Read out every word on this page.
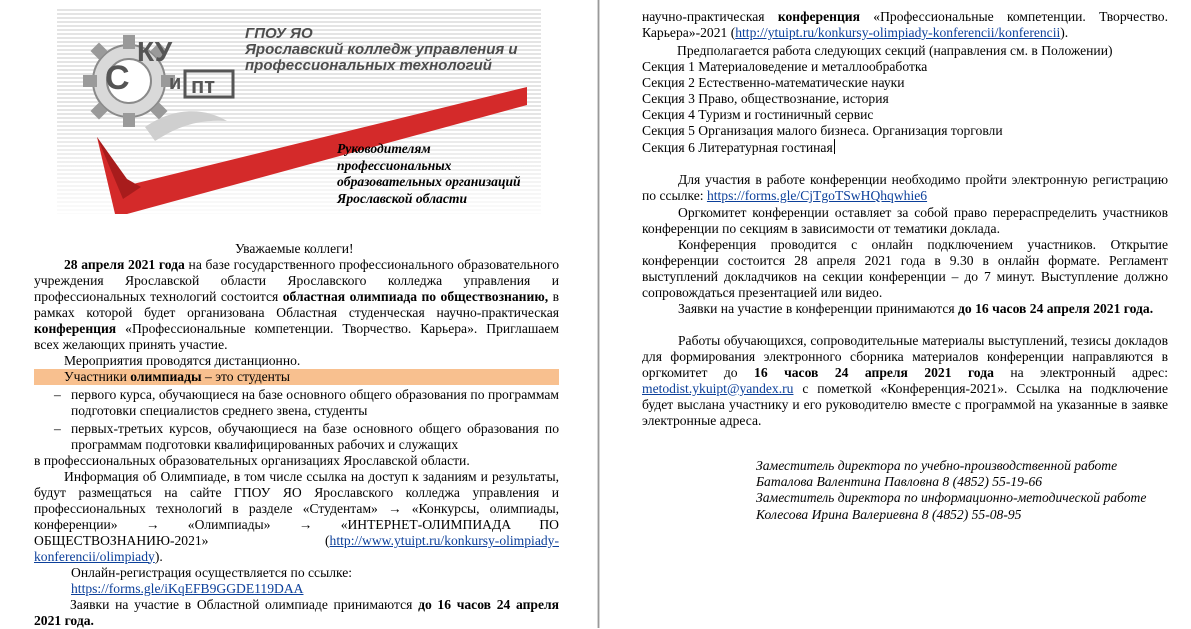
С
КУ
и пт
ГПОУ ЯО
Ярославский колледж управления и
профессиональных технологий
Руководителям
профессиональных
образовательных организаций
Ярославской области
Уважаемые коллеги!
28 апреля 2021 года на базе государственного профессионального образовательного учреждения Ярославской области Ярославского колледжа управления и профессиональных технологий состоится областная олимпиада по обществознанию, в рамках которой будет организована Областная студенческая научно-практическая конференция «Профессиональные компетенции. Творчество. Карьера». Приглашаем всех желающих принять участие.
Мероприятия проводятся дистанционно.
Участники олимпиады – это студенты
– первого курса, обучающиеся на базе основного общего образования по программам подготовки специалистов среднего звена, студенты
– первых-третьих курсов, обучающиеся на базе основного общего образования по программам подготовки квалифицированных рабочих и служащих
в профессиональных образовательных организациях Ярославской области.
Информация об Олимпиаде, в том числе ссылка на доступ к заданиям и результаты, будут размещаться на сайте ГПОУ ЯО Ярославского колледжа управления и профессиональных технологий в разделе «Студентам» → «Конкурсы, олимпиады, конференции» → «Олимпиады» → «ИНТЕРНЕТ-ОЛИМПИАДА ПО ОБЩЕСТВОЗНАНИЮ-2021» (http://www.ytuipt.ru/konkursy-olimpiady-konferencii/olimpiady).
Онлайн-регистрация осуществляется по ссылке:
https://forms.gle/iKqEFB9GGDE119DAA
Заявки на участие в Областной олимпиаде принимаются до 16 часов 24 апреля 2021 года.
научно-практическая конференция «Профессиональные компетенции. Творчество. Карьера»-2021 (http://ytuipt.ru/konkursy-olimpiady-konferencii/konferencii).
Предполагается работа следующих секций (направления см. в Положении)
Секция 1 Материаловедение и металлообработка
Секция 2 Естественно-математические науки
Секция 3 Право, обществознание, история
Секция 4 Туризм и гостиничный сервис
Секция 5 Организация малого бизнеса. Организация торговли
Секция 6 Литературная гостиная
Для участия в работе конференции необходимо пройти электронную регистрацию по ссылке: https://forms.gle/CjTgoTSwHQhqwhie6
Оргкомитет конференции оставляет за собой право перераспределить участников конференции по секциям в зависимости от тематики доклада.
Конференция проводится с онлайн подключением участников. Открытие конференции состоится 28 апреля 2021 года в 9.30 в онлайн формате. Регламент выступлений докладчиков на секции конференции – до 7 минут. Выступление должно сопровождаться презентацией или видео.
Заявки на участие в конференции принимаются до 16 часов 24 апреля 2021 года.
Работы обучающихся, сопроводительные материалы выступлений, тезисы докладов для формирования электронного сборника материалов конференции направляются в оргкомитет до 16 часов 24 апреля 2021 года на электронный адрес: metodist.ykuipt@yandex.ru с пометкой «Конференция-2021». Ссылка на подключение будет выслана участнику и его руководителю вместе с программой на указанные в заявке электронные адреса.
Заместитель директора по учебно-производственной работе
Баталова Валентина Павловна 8 (4852) 55-19-66
Заместитель директора по информационно-методической работе
Колесова Ирина Валериевна 8 (4852) 55-08-95
